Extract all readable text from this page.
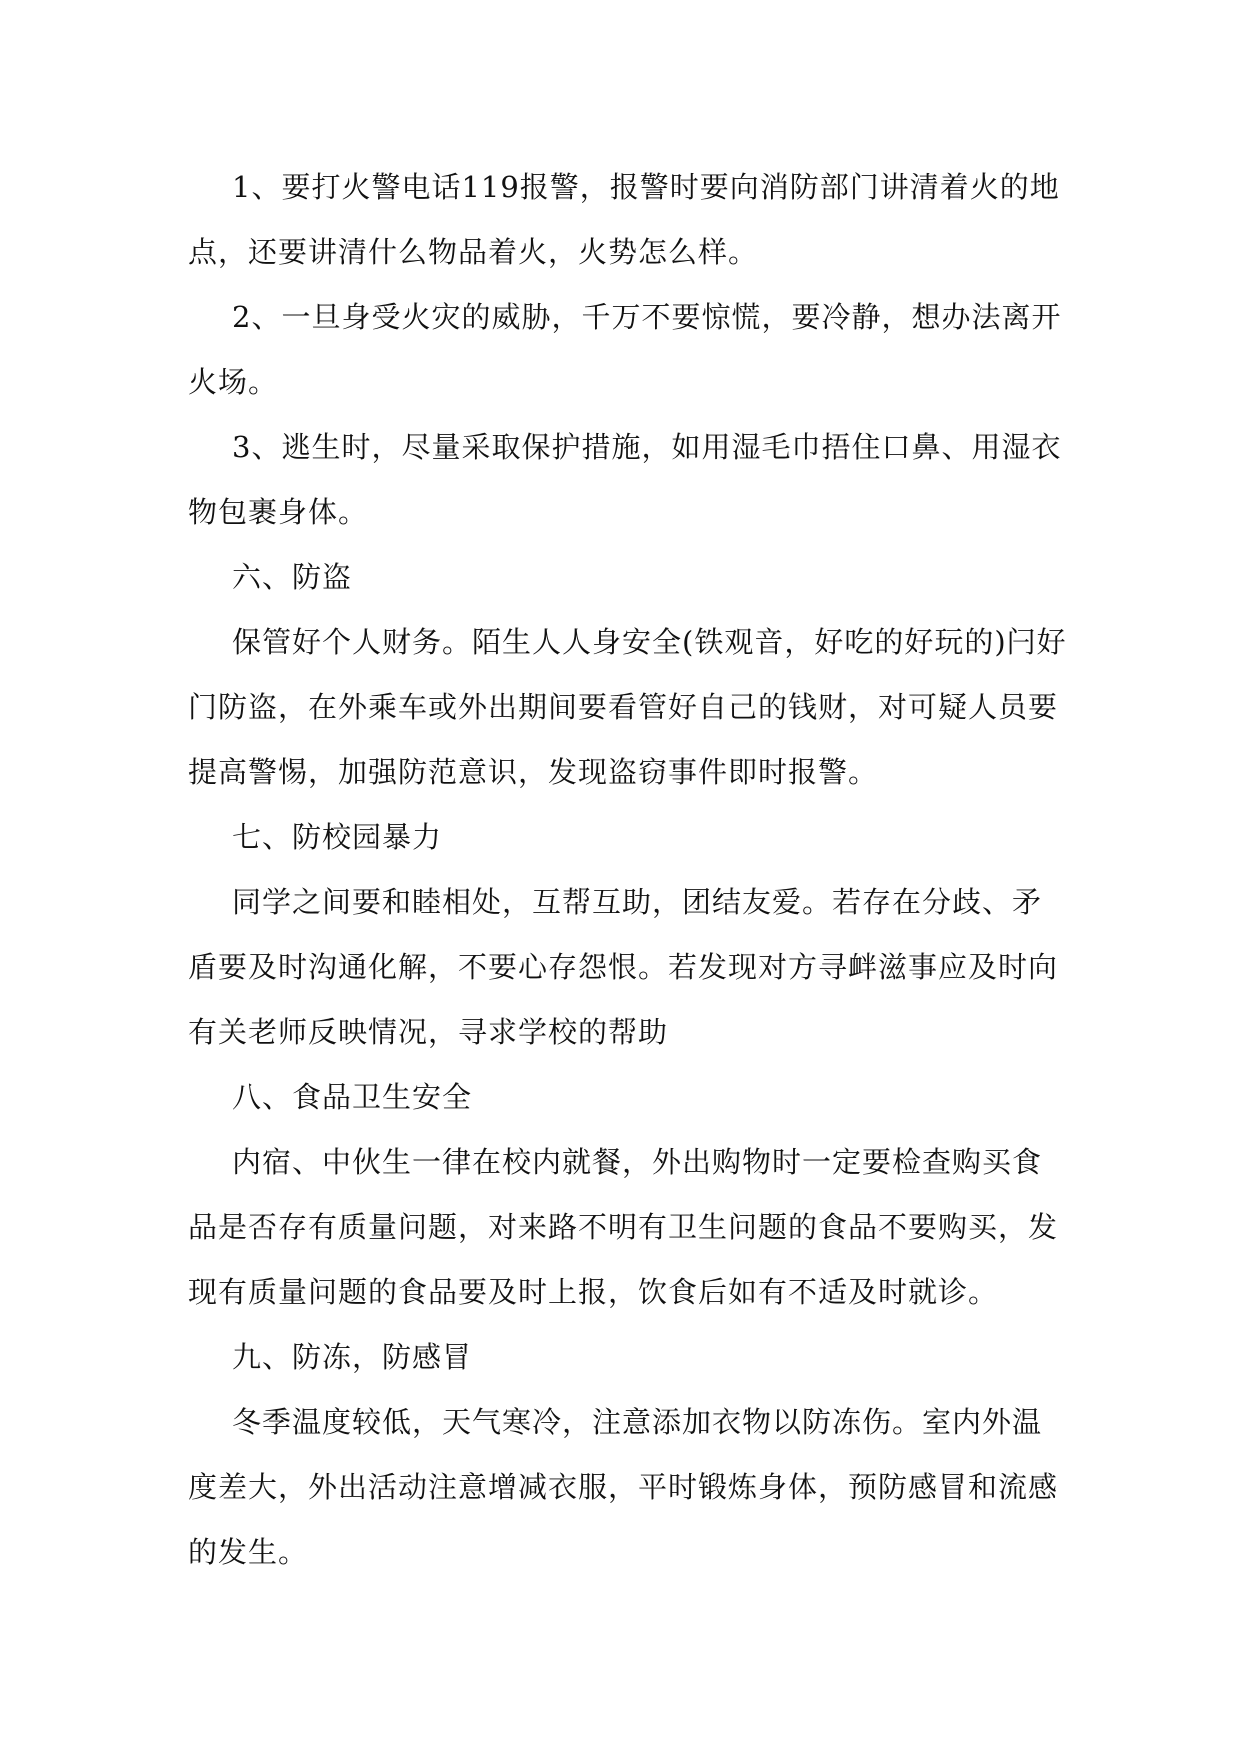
1、要打火警电话119报警，报警时要向消防部门讲清着火的地点，还要讲清什么物品着火，火势怎么样。

2、一旦身受火灾的威胁，千万不要惊慌，要冷静，想办法离开火场。

3、逃生时，尽量采取保护措施，如用湿毛巾捂住口鼻、用湿衣物包裹身体。

六、防盗

保管好个人财务。陌生人人身安全(铁观音，好吃的好玩的)闩好门防盗，在外乘车或外出期间要看管好自己的钱财，对可疑人员要提高警惕，加强防范意识，发现盗窃事件即时报警。

七、防校园暴力

同学之间要和睦相处，互帮互助，团结友爱。若存在分歧、矛盾要及时沟通化解，不要心存怨恨。若发现对方寻衅滋事应及时向有关老师反映情况，寻求学校的帮助

八、食品卫生安全

内宿、中伙生一律在校内就餐，外出购物时一定要检查购买食品是否存有质量问题，对来路不明有卫生问题的食品不要购买，发现有质量问题的食品要及时上报，饮食后如有不适及时就诊。

九、防冻，防感冒

冬季温度较低，天气寒冷，注意添加衣物以防冻伤。室内外温度差大，外出活动注意增减衣服，平时锻炼身体，预防感冒和流感的发生。
